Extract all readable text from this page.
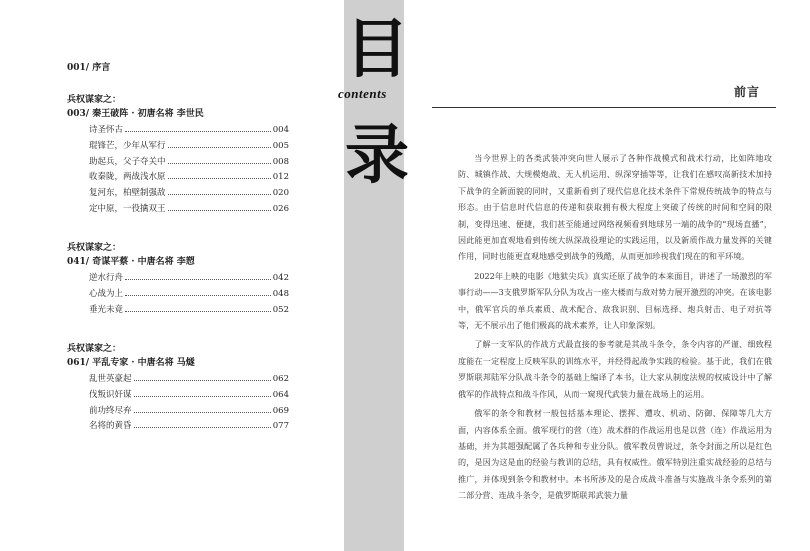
目
contents
录
001/ 序言
兵权谋家之：
003/ 秦王破阵 · 初唐名将 李世民
诗圣怀古	004
琨锋芒，少年从军行	005
助起兵，父子夺关中	008
收秦陇，两战浅水原	012
复河东，柏壁制强敌	020
定中原，一役擒双王	026
兵权谋家之：
041/ 奇谋平蔡 · 中唐名将 李愬
逆水行舟	042
心战为上	048
垂光未竟	052
兵权谋家之：
061/ 平乱专家 · 中唐名将 马燧
乱世英豪起	062
伐叛识奸谋	064
前功终尽弃	069
名将的黄昏	077
前言

当今世界上的各类武装冲突向世人展示了各种作战模式和战术行动，比如阵地攻防、城镇作战、大规模炮战、无人机运用、纵深穿插等等，让我们在感叹高新技术加持下战争的全新面貌的同时，又重新看到了现代信息化技术条件下常规传统战争的特点与形态。由于信息时代信息的传递和获取拥有极大程度上突破了传统的时间和空间的限制，变得迅速、便捷，我们甚至能通过网络视频看到地球另一端的战争的“现场直播”，因此能更加直观地看到传统大纵深战役理论的实践运用，以及新质作战力量发挥的关键作用，同时也能更直观地感受到战争的残酷，从而更加珍视我们现在的和平环境。

2022年上映的电影《地狱尖兵》真实还原了战争的本来面目，讲述了一场激烈的军事行动——3支俄罗斯军队分队为攻占一座大楼而与敌对势力展开激烈的冲突。在该电影中，俄军官兵的单兵素质、战术配合、敌我识别、目标选择、炮兵射击、电子对抗等等，无不展示出了他们极高的战术素养，让人印象深刻。

了解一支军队的作战方式最直接的参考就是其战斗条令，条令内容的严谨、细致程度能在一定程度上反映军队的训练水平，并经得起战争实践的检验。基于此，我们在俄罗斯联邦陆军分队战斗条令的基础上编译了本书，让大家从制度法规的权威设计中了解俄军的作战特点和战斗作风，从而一窥现代武装力量在战场上的运用。

俄军的条令和教材一般包括基本理论、摆挥、遭攻、机动、防御、保障等几大方面，内容体系全面。俄军现行的营（连）战术群的作战运用也是以营（连）作战运用为基础，并为其超强配属了各兵种和专业分队。俄军教员曾说过，条令封面之所以是红色的，是因为这是血的经验与教训的总结，具有权威性。俄军特别注重实战经验的总结与推广，并体现到条令和教材中。本书所涉及的是合成战斗准备与实施战斗条令系列的第二部分营、连战斗条令，是俄罗斯联邦武装力量
